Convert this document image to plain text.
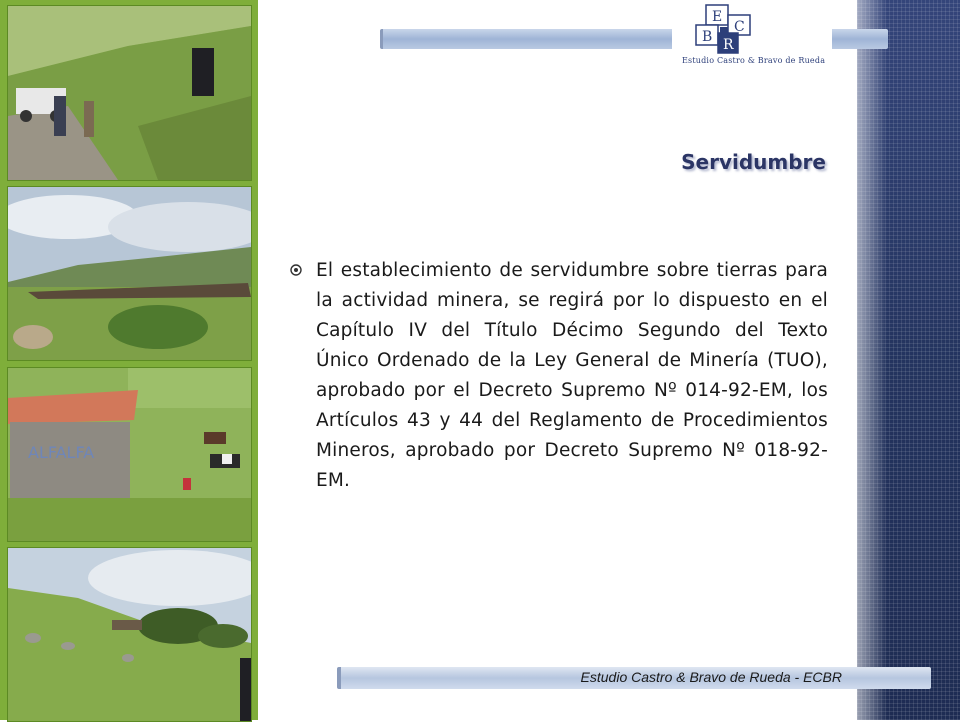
ALFALFA
E
C
B R
Estudio Castro & Bravo de Rueda
Servidumbre
El establecimiento de servidumbre sobre tierras para la actividad minera, se regirá por lo dispuesto en el Capítulo IV del Título Décimo Segundo del Texto Único Ordenado de la Ley General de Minería (TUO), aprobado por el Decreto Supremo Nº 014-92-EM, los Artículos 43 y 44 del Reglamento de Procedimientos Mineros, aprobado por Decreto Supremo Nº 018-92-EM.
Estudio Castro & Bravo de Rueda - ECBR
